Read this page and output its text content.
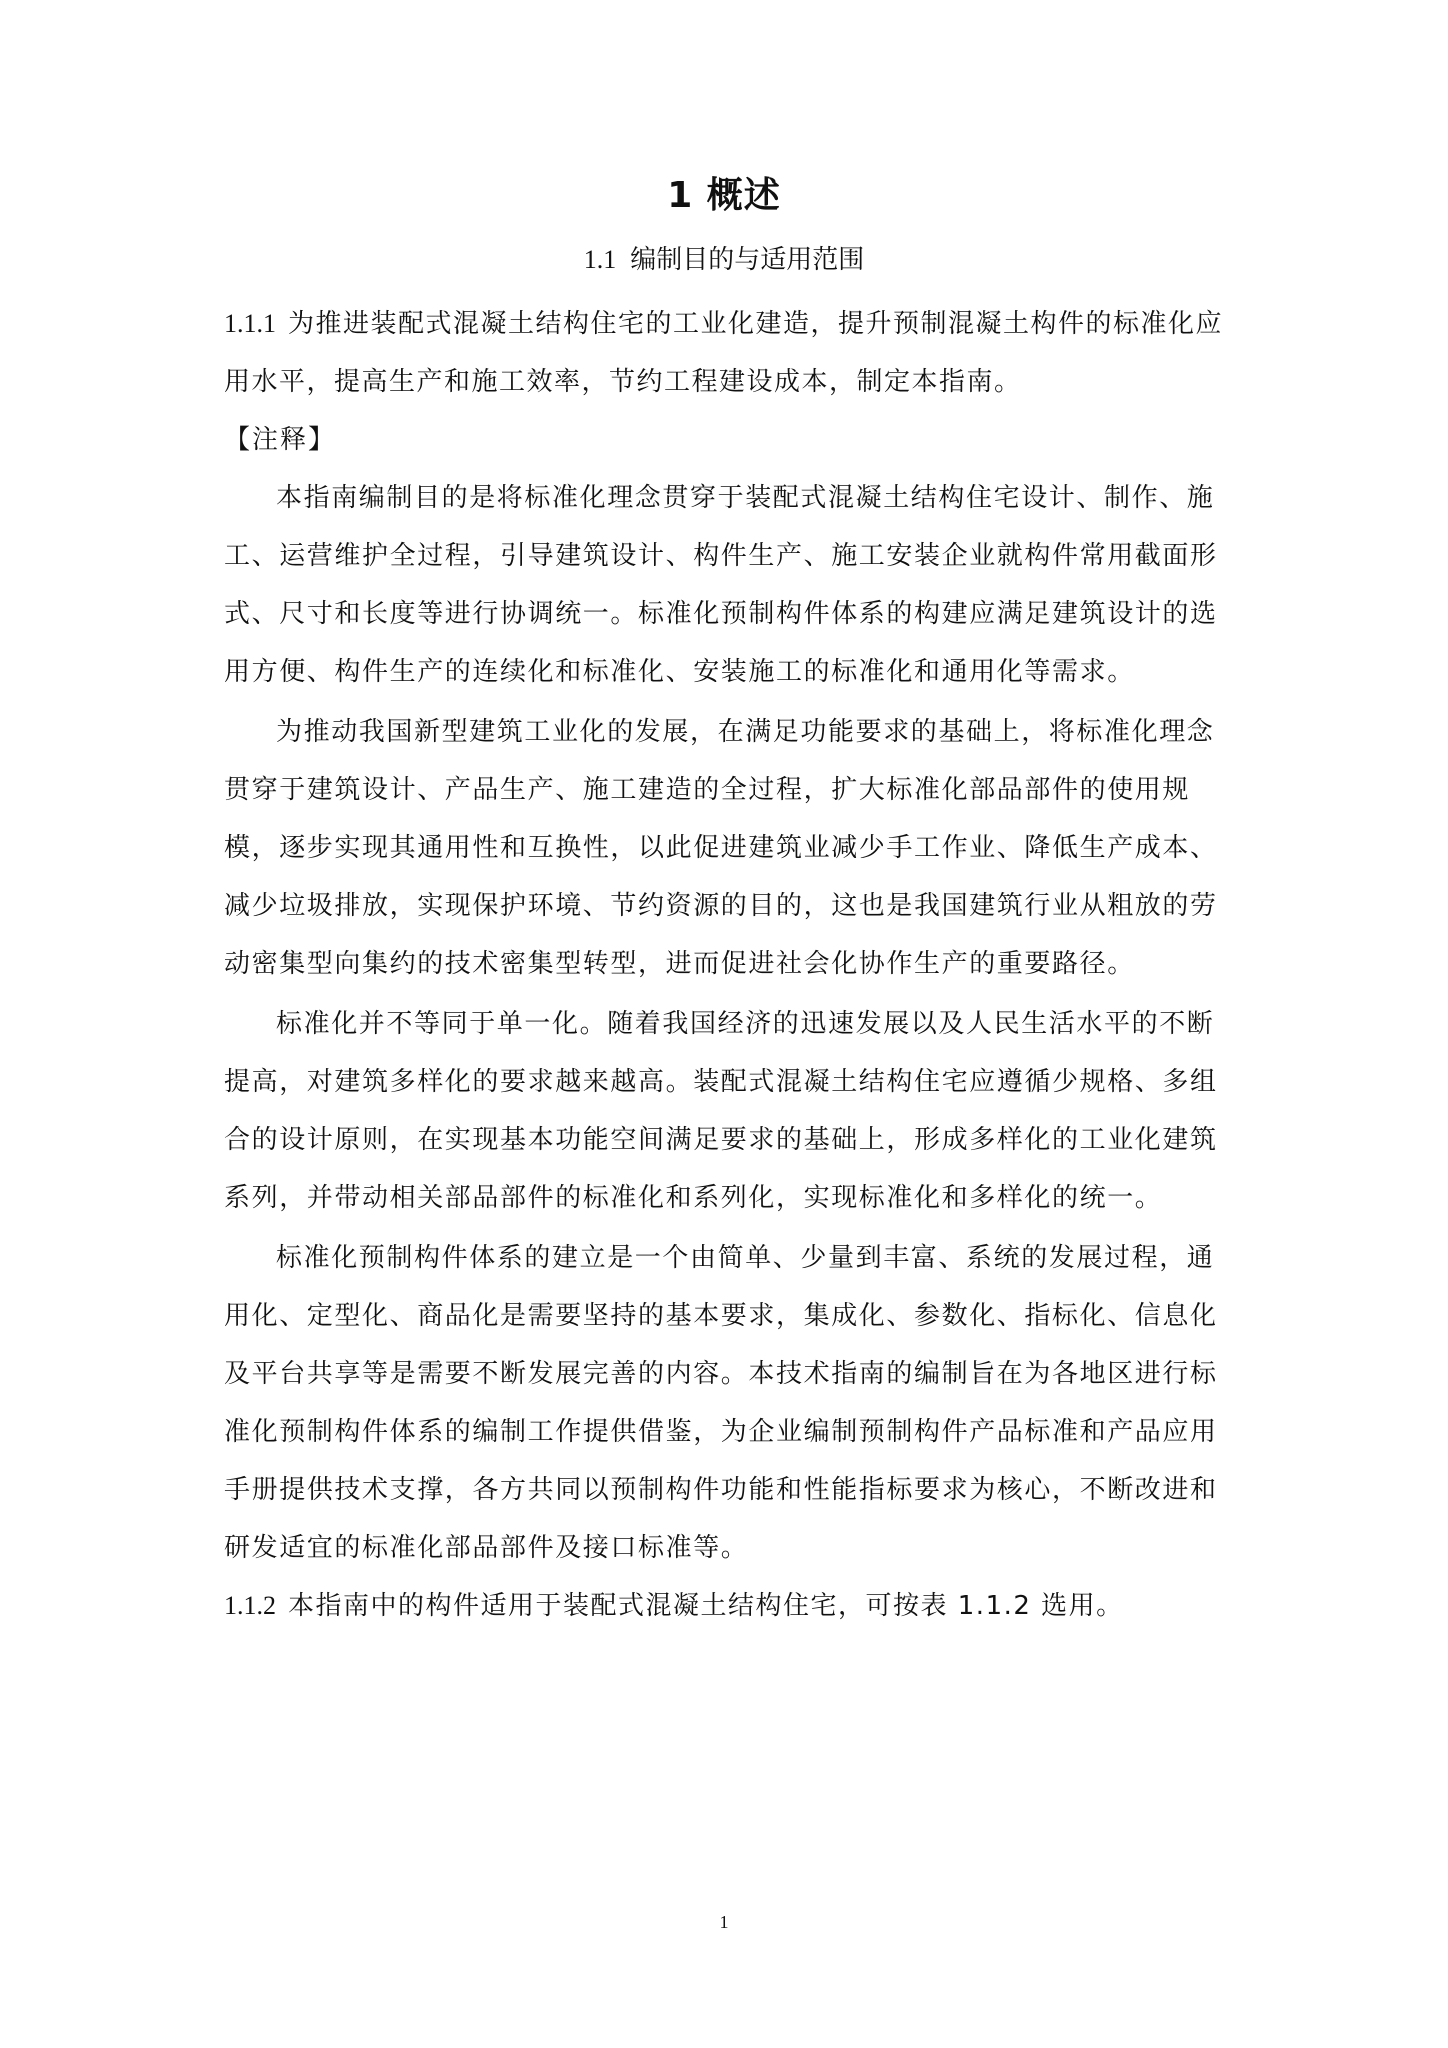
1 概述
1.1 编制目的与适用范围

1.1.1 为推进装配式混凝土结构住宅的工业化建造，提升预制混凝土构件的标准化应用水平，提高生产和施工效率，节约工程建设成本，制定本指南。

【注释】

本指南编制目的是将标准化理念贯穿于装配式混凝土结构住宅设计、制作、施工、运营维护全过程，引导建筑设计、构件生产、施工安装企业就构件常用截面形式、尺寸和长度等进行协调统一。标准化预制构件体系的构建应满足建筑设计的选用方便、构件生产的连续化和标准化、安装施工的标准化和通用化等需求。

为推动我国新型建筑工业化的发展，在满足功能要求的基础上，将标准化理念贯穿于建筑设计、产品生产、施工建造的全过程，扩大标准化部品部件的使用规模，逐步实现其通用性和互换性，以此促进建筑业减少手工作业、降低生产成本、减少垃圾排放，实现保护环境、节约资源的目的，这也是我国建筑行业从粗放的劳动密集型向集约的技术密集型转型，进而促进社会化协作生产的重要路径。

标准化并不等同于单一化。随着我国经济的迅速发展以及人民生活水平的不断提高，对建筑多样化的要求越来越高。装配式混凝土结构住宅应遵循少规格、多组合的设计原则，在实现基本功能空间满足要求的基础上，形成多样化的工业化建筑系列，并带动相关部品部件的标准化和系列化，实现标准化和多样化的统一。

标准化预制构件体系的建立是一个由简单、少量到丰富、系统的发展过程，通用化、定型化、商品化是需要坚持的基本要求，集成化、参数化、指标化、信息化及平台共享等是需要不断发展完善的内容。本技术指南的编制旨在为各地区进行标准化预制构件体系的编制工作提供借鉴，为企业编制预制构件产品标准和产品应用手册提供技术支撑，各方共同以预制构件功能和性能指标要求为核心，不断改进和研发适宜的标准化部品部件及接口标准等。

1.1.2 本指南中的构件适用于装配式混凝土结构住宅，可按表 1.1.2 选用。

1
